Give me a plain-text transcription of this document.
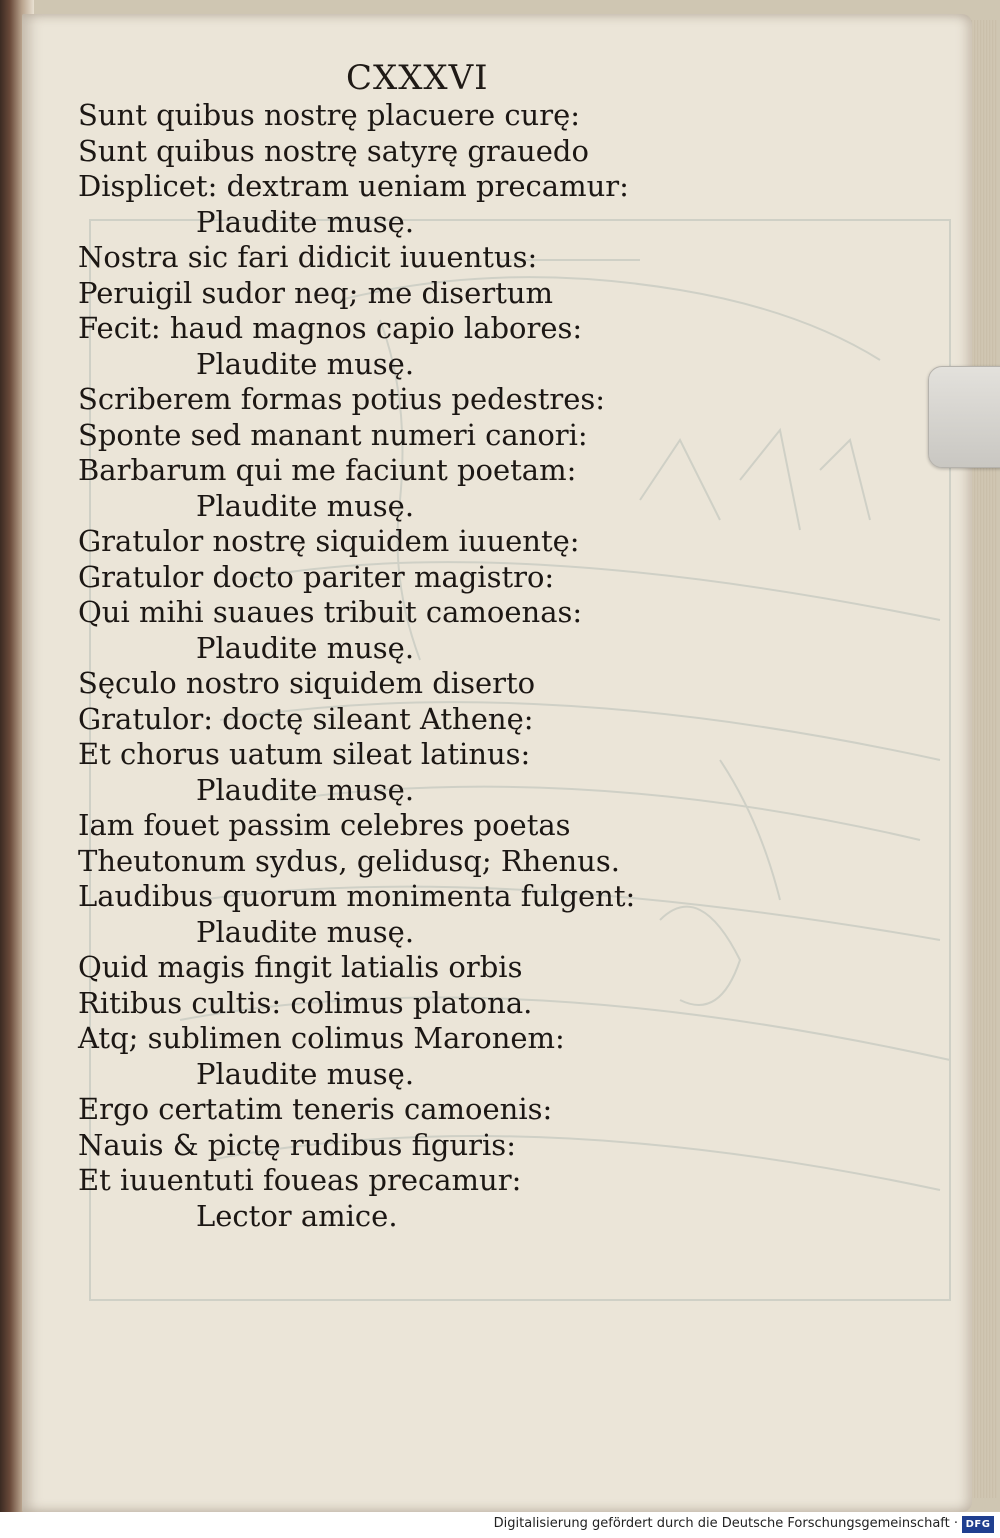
CXXXVI
Sunt quibus nostrę placuere curę:
Sunt quibus nostrę satyrę grauedo
Displicet: dextram ueniam precamur:
Plaudite musę.
Nostra sic fari didicit iuuentus:
Peruigil sudor neq; me disertum
Fecit: haud magnos capio labores:
Plaudite musę.
Scriberem formas potius pedestres:
Sponte sed manant numeri canori:
Barbarum qui me faciunt poetam:
Plaudite musę.
Gratulor nostrę siquidem iuuentę:
Gratulor docto pariter magistro:
Qui mihi suaues tribuit camoenas:
Plaudite musę.
Sęculo nostro siquidem diserto
Gratulor: doctę sileant Athenę:
Et chorus uatum sileat latinus:
Plaudite musę.
Iam fouet passim celebres poetas
Theutonum sydus, gelidusq; Rhenus.
Laudibus quorum monimenta fulgent:
Plaudite musę.
Quid magis fingit latialis orbis
Ritibus cultis: colimus platona.
Atq; sublimen colimus Maronem:
Plaudite musę.
Ergo certatim teneris camoenis:
Nauis & pictę rudibus figuris:
Et iuuentuti foueas precamur:
Lector amice.
Digitalisierung gefördert durch die Deutsche Forschungsgemeinschaft · DFG
